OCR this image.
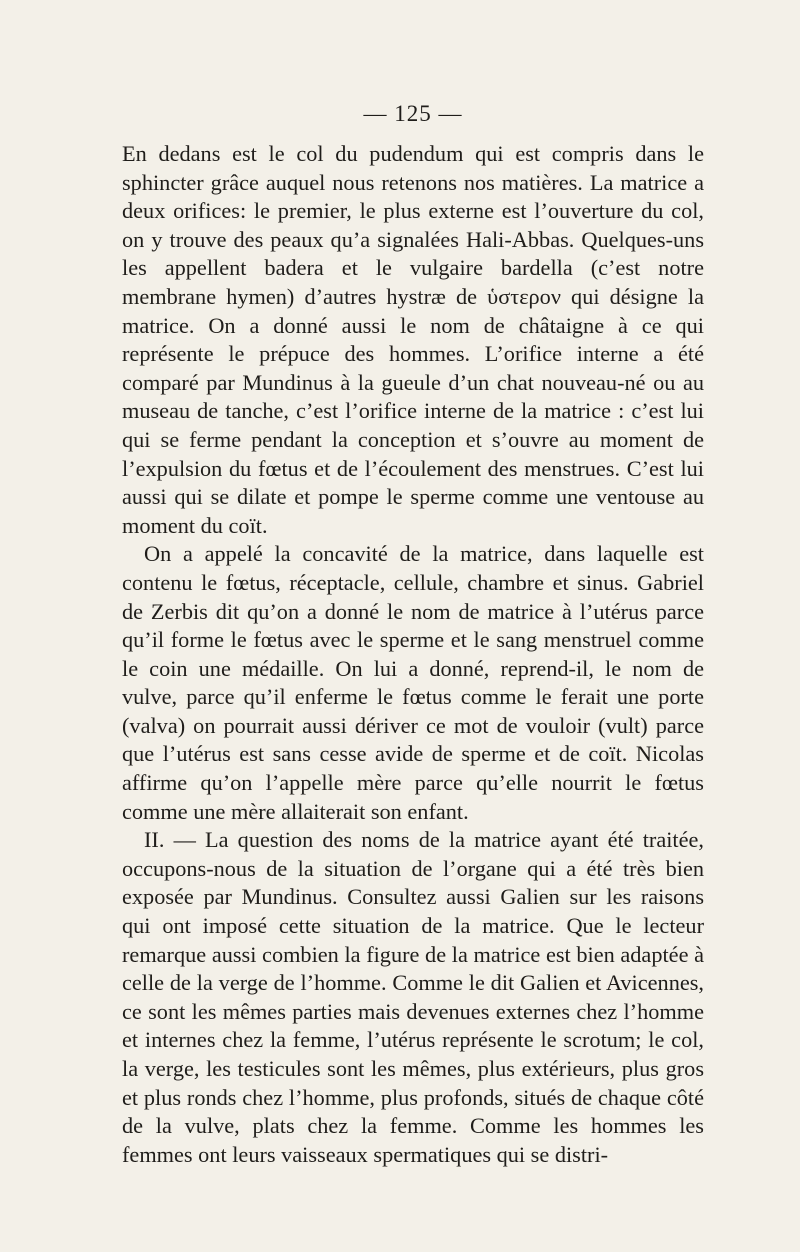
— 125 —

En dedans est le col du pudendum qui est compris dans le sphincter grâce auquel nous retenons nos matières. La matrice a deux orifices: le premier, le plus externe est l’ouverture du col, on y trouve des peaux qu’a signalées Hali-Abbas. Quelques-uns les appellent badera et le vulgaire bardella (c’est notre membrane hymen) d’autres hystræ de ὑστερον qui désigne la matrice. On a donné aussi le nom de châtaigne à ce qui représente le prépuce des hommes. L’orifice interne a été comparé par Mundinus à la gueule d’un chat nouveau-né ou au museau de tanche, c’est l’orifice interne de la matrice : c’est lui qui se ferme pendant la conception et s’ouvre au moment de l’expulsion du fœtus et de l’écoulement des menstrues. C’est lui aussi qui se dilate et pompe le sperme comme une ventouse au moment du coït.

On a appelé la concavité de la matrice, dans laquelle est contenu le fœtus, réceptacle, cellule, chambre et sinus. Gabriel de Zerbis dit qu’on a donné le nom de matrice à l’utérus parce qu’il forme le fœtus avec le sperme et le sang menstruel comme le coin une médaille. On lui a donné, reprend-il, le nom de vulve, parce qu’il enferme le fœtus comme le ferait une porte (valva) on pourrait aussi dériver ce mot de vouloir (vult) parce que l’utérus est sans cesse avide de sperme et de coït. Nicolas affirme qu’on l’appelle mère parce qu’elle nourrit le fœtus comme une mère allaiterait son enfant.

II. — La question des noms de la matrice ayant été traitée, occupons-nous de la situation de l’organe qui a été très bien exposée par Mundinus. Consultez aussi Galien sur les raisons qui ont imposé cette situation de la matrice. Que le lecteur remarque aussi combien la figure de la matrice est bien adaptée à celle de la verge de l’homme. Comme le dit Galien et Avicennes, ce sont les mêmes parties mais devenues externes chez l’homme et internes chez la femme, l’utérus représente le scrotum; le col, la verge, les testicules sont les mêmes, plus extérieurs, plus gros et plus ronds chez l’homme, plus profonds, situés de chaque côté de la vulve, plats chez la femme. Comme les hommes les femmes ont leurs vaisseaux spermatiques qui se distri-
